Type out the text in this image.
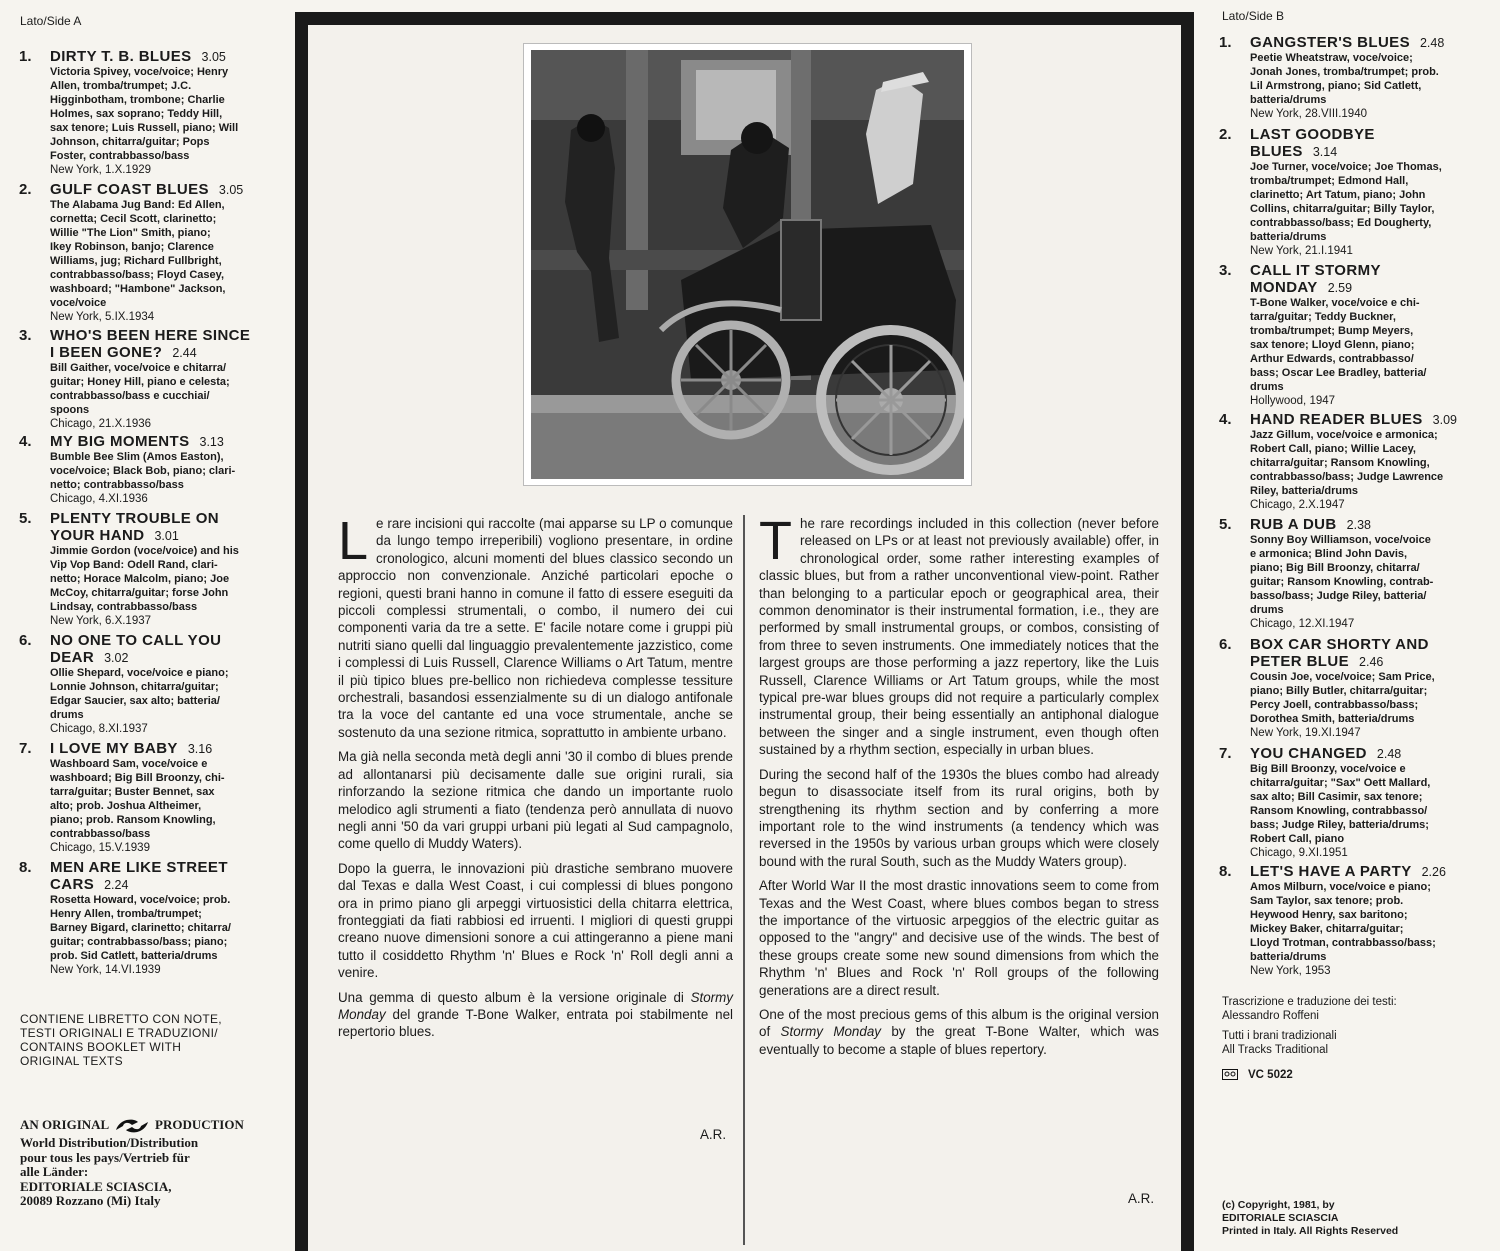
Lato/Side A
1. DIRTY T. B. BLUES 3.05
Victoria Spivey, voce/voice; Henry
Allen, tromba/trumpet; J.C.
Higginbotham, trombone; Charlie
Holmes, sax soprano; Teddy Hill,
sax tenore; Luis Russell, piano; Will
Johnson, chitarra/guitar; Pops
Foster, contrabbasso/bass
New York, 1.X.1929
2. GULF COAST BLUES 3.05
The Alabama Jug Band: Ed Allen,
cornetta; Cecil Scott, clarinetto;
Willie "The Lion" Smith, piano;
Ikey Robinson, banjo; Clarence
Williams, jug; Richard Fullbright,
contrabbasso/bass; Floyd Casey,
washboard; "Hambone" Jackson,
voce/voice
New York, 5.IX.1934
3. WHO'S BEEN HERE SINCE
I BEEN GONE? 2.44
Bill Gaither, voce/voice e chitarra/
guitar; Honey Hill, piano e celesta;
contrabbasso/bass e cucchiai/
spoons
Chicago, 21.X.1936
4. MY BIG MOMENTS 3.13
Bumble Bee Slim (Amos Easton),
voce/voice; Black Bob, piano; clari-
netto; contrabbasso/bass
Chicago, 4.XI.1936
5. PLENTY TROUBLE ON
YOUR HAND 3.01
Jimmie Gordon (voce/voice) and his
Vip Vop Band: Odell Rand, clari-
netto; Horace Malcolm, piano; Joe
McCoy, chitarra/guitar; forse John
Lindsay, contrabbasso/bass
New York, 6.X.1937
6. NO ONE TO CALL YOU
DEAR 3.02
Ollie Shepard, voce/voice e piano;
Lonnie Johnson, chitarra/guitar;
Edgar Saucier, sax alto; batteria/
drums
Chicago, 8.XI.1937
7. I LOVE MY BABY 3.16
Washboard Sam, voce/voice e
washboard; Big Bill Broonzy, chi-
tarra/guitar; Buster Bennet, sax
alto; prob. Joshua Altheimer,
piano; prob. Ransom Knowling,
contrabbasso/bass
Chicago, 15.V.1939
8. MEN ARE LIKE STREET
CARS 2.24
Rosetta Howard, voce/voice; prob.
Henry Allen, tromba/trumpet;
Barney Bigard, clarinetto; chitarra/
guitar; contrabbasso/bass; piano;
prob. Sid Catlett, batteria/drums
New York, 14.VI.1939
CONTIENE LIBRETTO CON NOTE,
TESTI ORIGINALI E TRADUZIONI/
CONTAINS BOOKLET WITH
ORIGINAL TEXTS
AN ORIGINAL	PRODUCTION
World Distribution/Distribution
pour tous les pays/Vertrieb für
alle Länder:
EDITORIALE SCIASCIA,
20089 Rozzano (Mi) Italy

Le rare incisioni qui raccolte (mai apparse su LP o comunque da lungo tempo irreperibili) vogliono presentare, in ordine cronologico, alcuni momenti del blues classico secondo un approccio non convenzionale. Anziché particolari epoche o regioni, questi brani hanno in comune il fatto di essere eseguiti da piccoli complessi strumentali, o combo, il numero dei cui componenti varia da tre a sette. E' facile notare come i gruppi più nutriti siano quelli dal linguaggio prevalentemente jazzistico, come i complessi di Luis Russell, Clarence Williams o Art Tatum, mentre il più tipico blues pre-bellico non richiedeva complesse tessiture orchestrali, basandosi essenzialmente su di un dialogo antifonale tra la voce del cantante ed una voce strumentale, anche se sostenuto da una sezione ritmica, soprattutto in ambiente urbano.

Ma già nella seconda metà degli anni '30 il combo di blues prende ad allontanarsi più decisamente dalle sue origini rurali, sia rinforzando la sezione ritmica che dando un importante ruolo melodico agli strumenti a fiato (tendenza però annullata di nuovo negli anni '50 da vari gruppi urbani più legati al Sud campagnolo, come quello di Muddy Waters).

Dopo la guerra, le innovazioni più drastiche sembrano muovere dal Texas e dalla West Coast, i cui complessi di blues pongono ora in primo piano gli arpeggi virtuosistici della chitarra elettrica, fronteggiati da fiati rabbiosi ed irruenti. I migliori di questi gruppi creano nuove dimensioni sonore a cui attingeranno a piene mani tutto il cosiddetto Rhythm 'n' Blues e Rock 'n' Roll degli anni a venire.

Una gemma di questo album è la versione originale di Stormy Monday del grande T-Bone Walker, entrata poi stabilmente nel repertorio blues.

A.R.

The rare recordings included in this collection (never before released on LPs or at least not previously available) offer, in chronological order, some rather interesting examples of classic blues, but from a rather unconventional view-point. Rather than belonging to a particular epoch or geographical area, their common denominator is their instrumental formation, i.e., they are performed by small instrumental groups, or combos, consisting of from three to seven instruments. One immediately notices that the largest groups are those performing a jazz repertory, like the Luis Russell, Clarence Williams or Art Tatum groups, while the most typical pre-war blues groups did not require a particularly complex instrumental group, their being essentially an antiphonal dialogue between the singer and a single instrument, even though often sustained by a rhythm section, especially in urban blues.

During the second half of the 1930s the blues combo had already begun to disassociate itself from its rural origins, both by strengthening its rhythm section and by conferring a more important role to the wind instruments (a tendency which was reversed in the 1950s by various urban groups which were closely bound with the rural South, such as the Muddy Waters group).

After World War II the most drastic innovations seem to come from Texas and the West Coast, where blues combos began to stress the importance of the virtuosic arpeggios of the electric guitar as opposed to the "angry" and decisive use of the winds. The best of these groups create some new sound dimensions from which the Rhythm 'n' Blues and Rock 'n' Roll groups of the following generations are a direct result.

One of the most precious gems of this album is the original version of Stormy Monday by the great T-Bone Walter, which was eventually to become a staple of blues repertory.

A.R.
Lato/Side B
1. GANGSTER'S BLUES 2.48
Peetie Wheatstraw, voce/voice;
Jonah Jones, tromba/trumpet; prob.
Lil Armstrong, piano; Sid Catlett,
batteria/drums
New York, 28.VIII.1940
2. LAST GOODBYE
BLUES 3.14
Joe Turner, voce/voice; Joe Thomas,
tromba/trumpet; Edmond Hall,
clarinetto; Art Tatum, piano; John
Collins, chitarra/guitar; Billy Taylor,
contrabbasso/bass; Ed Dougherty,
batteria/drums
New York, 21.I.1941
3. CALL IT STORMY
MONDAY 2.59
T-Bone Walker, voce/voice e chi-
tarra/guitar; Teddy Buckner,
tromba/trumpet; Bump Meyers,
sax tenore; Lloyd Glenn, piano;
Arthur Edwards, contrabbasso/
bass; Oscar Lee Bradley, batteria/
drums
Hollywood, 1947
4. HAND READER BLUES 3.09
Jazz Gillum, voce/voice e armonica;
Robert Call, piano; Willie Lacey,
chitarra/guitar; Ransom Knowling,
contrabbasso/bass; Judge Lawrence
Riley, batteria/drums
Chicago, 2.X.1947
5. RUB A DUB 2.38
Sonny Boy Williamson, voce/voice
e armonica; Blind John Davis,
piano; Big Bill Broonzy, chitarra/
guitar; Ransom Knowling, contrab-
basso/bass; Judge Riley, batteria/
drums
Chicago, 12.XI.1947
6. BOX CAR SHORTY AND
PETER BLUE 2.46
Cousin Joe, voce/voice; Sam Price,
piano; Billy Butler, chitarra/guitar;
Percy Joell, contrabbasso/bass;
Dorothea Smith, batteria/drums
New York, 19.XI.1947
7. YOU CHANGED 2.48
Big Bill Broonzy, voce/voice e
chitarra/guitar; "Sax" Oett Mallard,
sax alto; Bill Casimir, sax tenore;
Ransom Knowling, contrabbasso/
bass; Judge Riley, batteria/drums;
Robert Call, piano
Chicago, 9.XI.1951
8. LET'S HAVE A PARTY 2.26
Amos Milburn, voce/voice e piano;
Sam Taylor, sax tenore; prob.
Heywood Henry, sax baritono;
Mickey Baker, chitarra/guitar;
Lloyd Trotman, contrabbasso/bass;
batteria/drums
New York, 1953
Trascrizione e traduzione dei testi:
Alessandro Roffeni
Tutti i brani tradizionali
All Tracks Traditional
VC 5022
(c) Copyright, 1981, by
EDITORIALE SCIASCIA
Printed in Italy. All Rights Reserved
